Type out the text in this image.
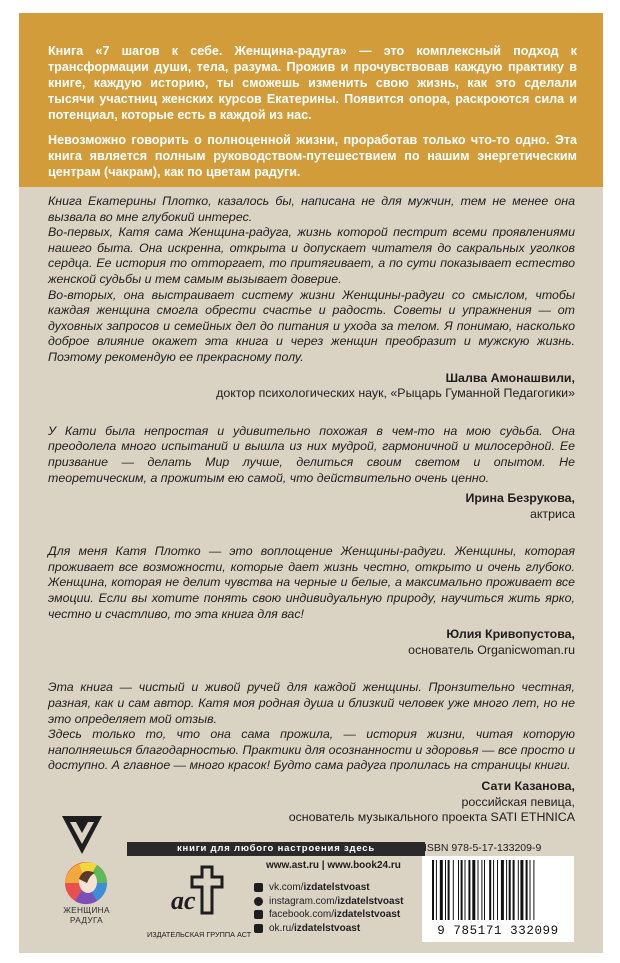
Книга «7 шагов к себе. Женщина-радуга» — это комплексный подход к трансформации души, тела, разума. Прожив и прочувствовав каждую практику в книге, каждую историю, ты сможешь изменить свою жизнь, как это сделали тысячи участниц женских курсов Екатерины. Появится опора, раскроются сила и потенциал, которые есть в каждой из нас.

Невозможно говорить о полноценной жизни, проработав только что-то одно. Эта книга является полным руководством-путешествием по нашим энергетическим центрам (чакрам), как по цветам радуги.

Книга Екатерины Плотко, казалось бы, написана не для мужчин, тем не менее она вызвала во мне глубокий интерес.

Во-первых, Катя сама Женщина-радуга, жизнь которой пестрит всеми проявлениями нашего быта. Она искренна, открыта и допускает читателя до сакральных уголков сердца. Ее история то отторгает, то притягивает, а по сути показывает естество женской судьбы и тем самым вызывает доверие.

Во-вторых, она выстраивает систему жизни Женщины-радуги со смыслом, чтобы каждая женщина смогла обрести счастье и радость. Советы и упражнения — от духовных запросов и семейных дел до питания и ухода за телом. Я понимаю, насколько доброе влияние окажет эта книга и через женщин преобразит и мужскую жизнь. Поэтому рекомендую ее прекрасному полу.

Шалва Амонашвили,
доктор психологических наук, «Рыцарь Гуманной Педагогики»

У Кати была непростая и удивительно похожая в чем-то на мою судьба. Она преодолела много испытаний и вышла из них мудрой, гармоничной и милосердной. Ее призвание — делать Мир лучше, делиться своим светом и опытом. Не теоретическим, а прожитым ею самой, что действительно очень ценно.

Ирина Безрукова,
актриса

Для меня Катя Плотко — это воплощение Женщины-радуги. Женщины, которая проживает все возможности, которые дает жизнь честно, открыто и очень глубоко. Женщина, которая не делит чувства на черные и белые, а максимально проживает все эмоции. Если вы хотите понять свою индивидуальную природу, научиться жить ярко, честно и счастливо, то эта книга для вас!

Юлия Кривопустова,
основатель Organicwoman.ru

Эта книга — чистый и живой ручей для каждой женщины. Пронзительно честная, разная, как и сам автор. Катя моя родная душа и близкий человек уже много лет, но не это определяет мой отзыв.

Здесь только то, что она сама прожила, — история жизни, читая которую наполняешься благодарностью. Практики для осознанности и здоровья — все просто и доступно. А главное — много красок! Будто сама радуга пролилась на страницы книги.

Сати Казанова,
российская певица,
основатель музыкального проекта SATI ETHNICA
книги для любого настроения здесь
ЖЕНЩИНА
РАДУГА
ac
ИЗДАТЕЛЬСКАЯ ГРУППА АСТ
www.ast.ru | www.book24.ru
vk.com/ izdatelstvoast
instagram.com/ izdatelstvoast
facebook.com/ izdatelstvoast
ok.ru/ izdatelstvoast
ISBN 978-5-17-133209-9
9 785171 332099
